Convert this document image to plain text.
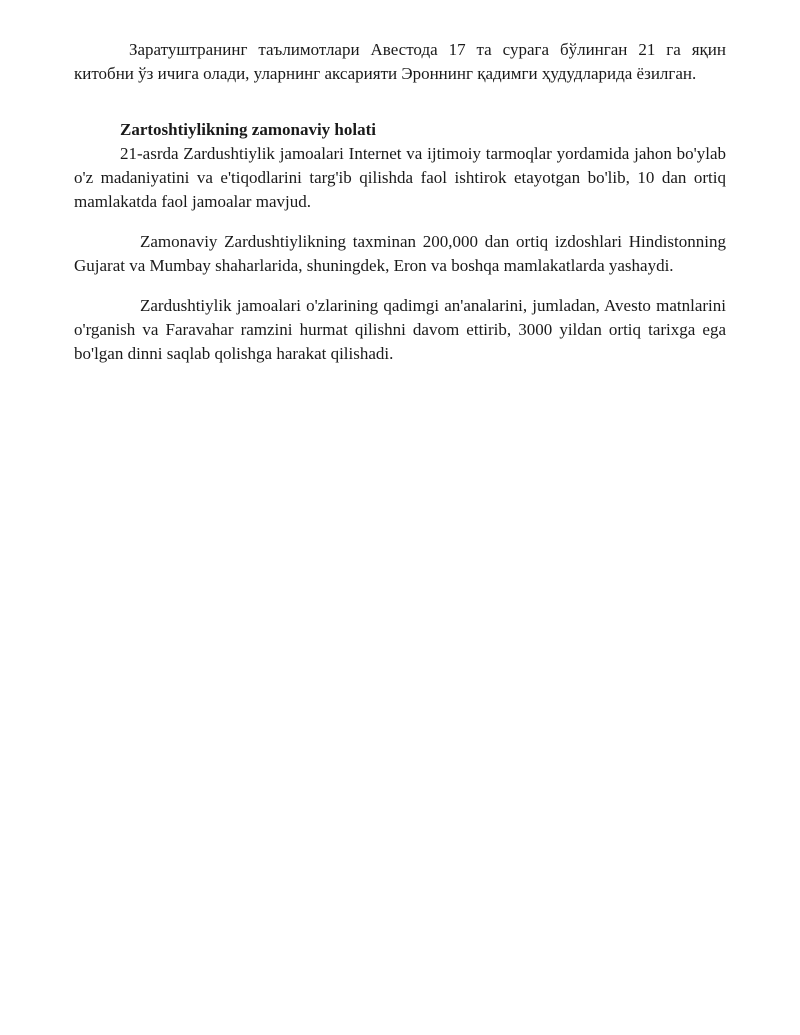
Заратуштранинг таълимотлари Авестода 17 та сурага бўлинган 21 га яқин китобни ўз ичига олади, уларнинг аксарияти Эроннинг қадимги ҳудудларида ёзилган.

Zartoshtiylikning zamonaviy holati

21-asrda Zardushtiylik jamoalari Internet va ijtimoiy tarmoqlar yordamida jahon bo'ylab o'z madaniyatini va e'tiqodlarini targ'ib qilishda faol ishtirok etayotgan bo'lib, 10 dan ortiq mamlakatda faol jamoalar mavjud.

Zamonaviy Zardushtiylikning taxminan 200,000 dan ortiq izdoshlari Hindistonning Gujarat va Mumbay shaharlarida, shuningdek, Eron va boshqa mamlakatlarda yashaydi.

Zardushtiylik jamoalari o'zlarining qadimgi an'analarini, jumladan, Avesto matnlarini o'rganish va Faravahar ramzini hurmat qilishni davom ettirib, 3000 yildan ortiq tarixga ega bo'lgan dinni saqlab qolishga harakat qilishadi.
